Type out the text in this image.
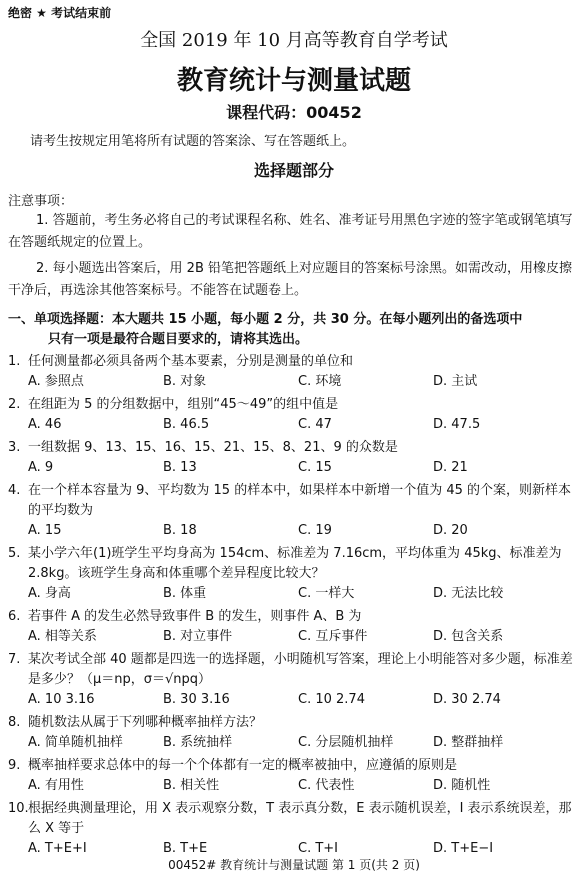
绝密 ★ 考试结束前
全国 2019 年 10 月高等教育自学考试
教育统计与测量试题
课程代码：00452
请考生按规定用笔将所有试题的答案涂、写在答题纸上。
选择题部分
注意事项：
1. 答题前，考生务必将自己的考试课程名称、姓名、准考证号用黑色字迹的签字笔或钢笔填写在答题纸规定的位置上。
2. 每小题选出答案后，用 2B 铅笔把答题纸上对应题目的答案标号涂黑。如需改动，用橡皮擦干净后，再选涂其他答案标号。不能答在试题卷上。
一、单项选择题：本大题共 15 小题，每小题 2 分，共 30 分。在每小题列出的备选项中
只有一项是最符合题目要求的，请将其选出。
1. 任何测量都必须具备两个基本要素，分别是测量的单位和
A. 参照点	B. 对象	C. 环境	D. 主试
2. 在组距为 5 的分组数据中，组别“45～49”的组中值是
A. 46	B. 46.5	C. 47	D. 47.5
3. 一组数据 9、13、15、16、15、21、15、8、21、9 的众数是
A. 9	B. 13	C. 15	D. 21
4. 在一个样本容量为 9、平均数为 15 的样本中，如果样本中新增一个值为 45 的个案，则新样本的平均数为
A. 15	B. 18	C. 19	D. 20
5. 某小学六年(1)班学生平均身高为 154cm、标准差为 7.16cm，平均体重为 45kg、标准差为 2.8kg。该班学生身高和体重哪个差异程度比较大？
A. 身高	B. 体重	C. 一样大	D. 无法比较
6. 若事件 A 的发生必然导致事件 B 的发生，则事件 A、B 为
A. 相等关系	B. 对立事件	C. 互斥事件	D. 包含关系
7. 某次考试全部 40 题都是四选一的选择题，小明随机写答案，理论上小明能答对多少题，标准差是多少？（μ＝np，σ＝√npq）
A. 10 3.16	B. 30 3.16	C. 10 2.74	D. 30 2.74
8. 随机数法从属于下列哪种概率抽样方法？
A. 简单随机抽样	B. 系统抽样	C. 分层随机抽样	D. 整群抽样
9. 概率抽样要求总体中的每一个个体都有一定的概率被抽中，应遵循的原则是
A. 有用性	B. 相关性	C. 代表性	D. 随机性
10. 根据经典测量理论，用 X 表示观察分数，T 表示真分数，E 表示随机误差，I 表示系统误差，那么 X 等于
A. T+E+I	B. T+E	C. T+I	D. T+E−I
00452# 教育统计与测量试题 第 1 页(共 2 页)
